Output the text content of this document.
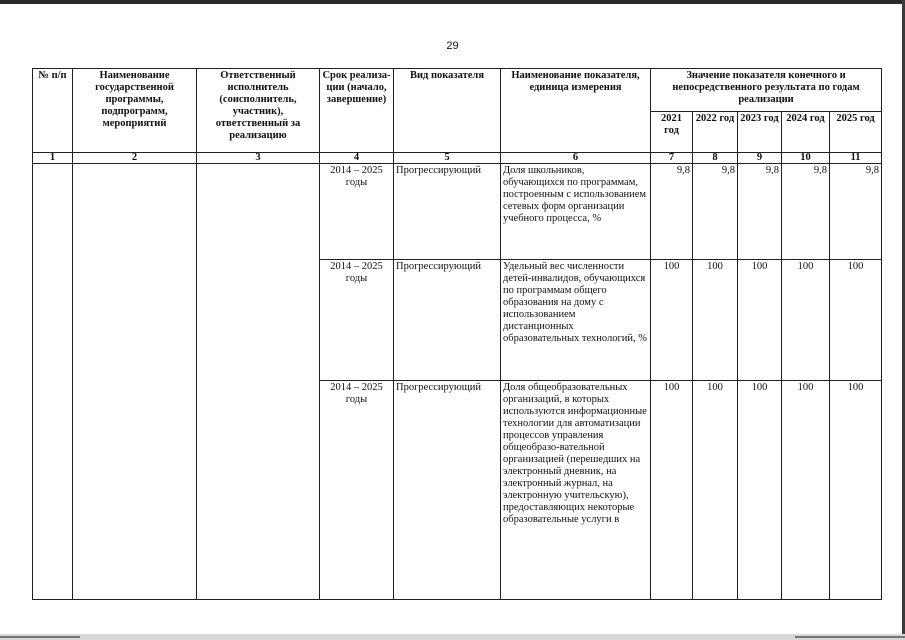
29
№ п/п	Наименование государственной программы, подпрограмм, мероприятий	Ответственный исполнитель (соисполнитель, участник), ответственный за реализацию	Срок реализа-ции (начало, завершение)	Вид показателя	Наименование показателя, единица измерения	Значение показателя конечного и непосредственного результата по годам реализации				
						2021 год	2022 год	2023 год	2024 год	2025 год
1	2	3	4	5	6	7	8	9	10	11
			2014 – 2025 годы	Прогрессирующий	Доля школьников, обучающихся по программам, построенным с использованием сетевых форм организации учебного процесса, %	9,8	9,8	9,8	9,8	9,8
			2014 – 2025 годы	Прогрессирующий	Удельный вес численности детей-инвалидов, обучающихся по программам общего образования на дому с использованием дистанционных образовательных технологий, %	100	100	100	100	100
			2014 – 2025 годы	Прогрессирующий	Доля общеобразовательных организаций, в которых используются информационные технологии для автоматизации процессов управления общеобразо-вательной организацией (перешедших на электронный дневник, на электронный журнал, на электронную учительскую), предоставляющих некоторые образовательные услуги в	100	100	100	100	100
